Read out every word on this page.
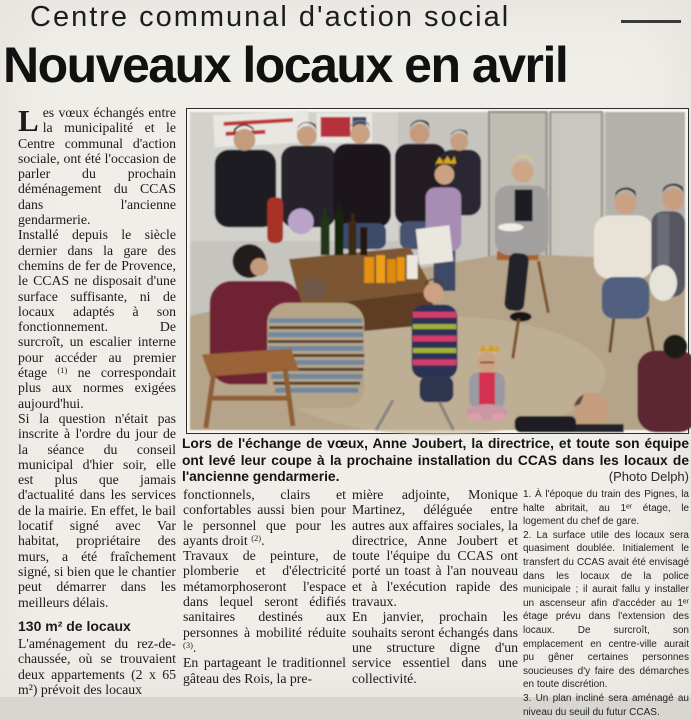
Centre communal d'action social
Nouveaux locaux en avril

Les vœux échangés entre la municipalité et le Centre communal d'action sociale, ont été l'occasion de parler du prochain déménagement du CCAS dans l'ancienne gendarmerie.

Installé depuis le siècle dernier dans la gare des chemins de fer de Provence, le CCAS ne disposait d'une surface suffisante, ni de locaux adaptés à son fonctionnement. De surcroît, un escalier interne pour accéder au premier étage $^{(1)}$ ne correspondait plus aux normes exigées aujourd'hui.

Si la question n'était pas inscrite à l'ordre du jour de la séance du conseil municipal d'hier soir, elle est plus que jamais d'actualité dans les services de la mairie. En effet, le bail locatif signé avec Var habitat, propriétaire des murs, a été fraîchement signé, si bien que le chantier peut démarrer dans les meilleurs délais.

130 m² de locaux

L'aménagement du rez-de-chaussée, où se trouvaient deux appartements (2 x 65 m²) prévoit des locaux

Lors de l'échange de vœux, Anne Joubert, la directrice, et toute son équipe ont levé leur coupe à la prochaine installation du CCAS dans les locaux de l'ancienne gendarmerie.	(Photo Delph)

fonctionnels, clairs et confortables aussi bien pour le personnel que pour les ayants droit $^{(2)}$.

Travaux de peinture, de plomberie et d'électricité métamorphoseront l'espace dans lequel seront édifiés sanitaires destinés aux personnes à mobilité réduite $^{(3)}$.

En partageant le traditionnel gâteau des Rois, la pre-

mière adjointe, Monique Martinez, déléguée entre autres aux affaires sociales, la directrice, Anne Joubert et toute l'équipe du CCAS ont porté un toast à l'an nouveau et à l'exécution rapide des travaux.

En janvier, prochain les souhaits seront échangés dans une structure digne d'un service essentiel dans une collectivité.

1. À l'époque du train des Pignes, la halte abritait, au 1ᵉʳ étage, le logement du chef de gare.

2. La surface utile des locaux sera quasiment doublée. Initialement le transfert du CCAS avait été envisagé dans les locaux de la police municipale ; il aurait fallu y installer un ascenseur afin d'accéder au 1ᵉʳ étage prévu dans l'extension des locaux. De surcroît, son emplacement en centre-ville aurait pu gêner certaines personnes soucieuses d'y faire des démarches en toute discrétion.

3. Un plan incliné sera aménagé au niveau du seuil du futur CCAS.
